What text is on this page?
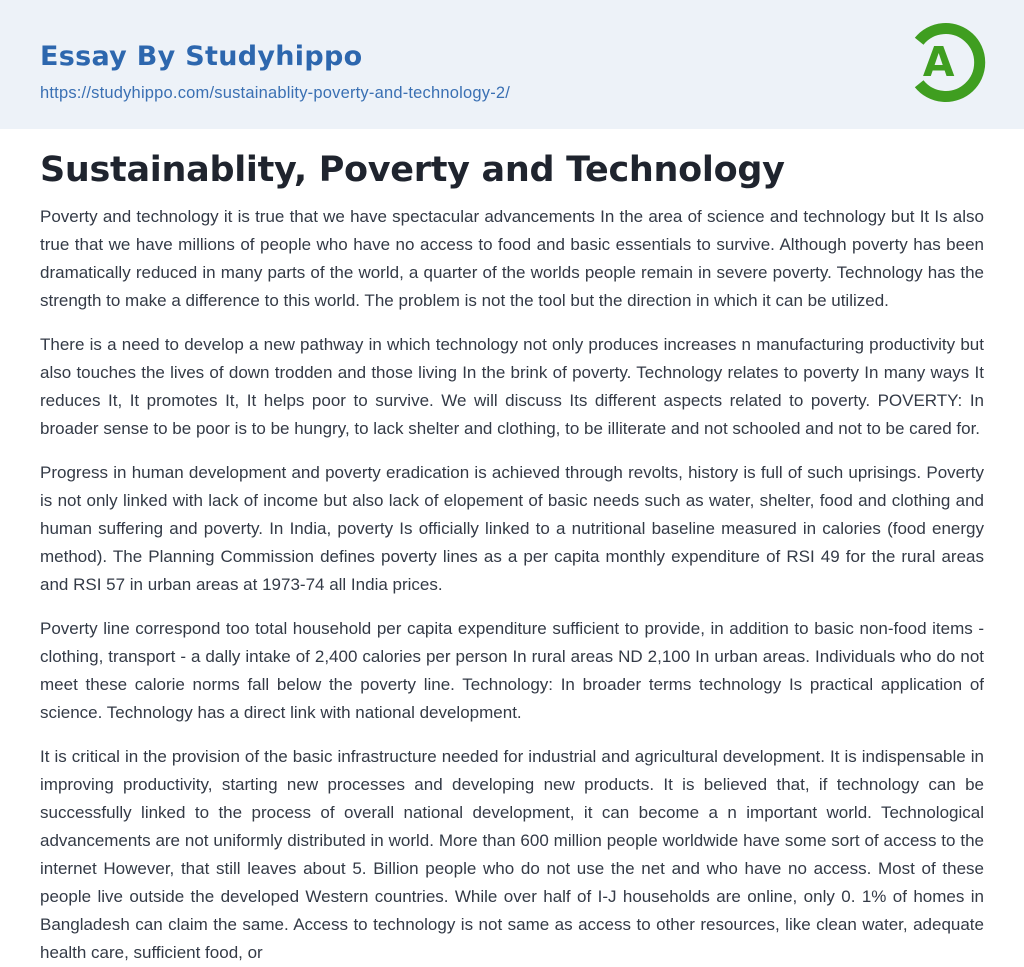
Essay By Studyhippo
https://studyhippo.com/sustainablity-poverty-and-technology-2/
A
Sustainablity, Poverty and Technology

Poverty and technology it is true that we have spectacular advancements In the area of science and technology but It Is also true that we have millions of people who have no access to food and basic essentials to survive. Although poverty has been dramatically reduced in many parts of the world, a quarter of the worlds people remain in severe poverty. Technology has the strength to make a difference to this world. The problem is not the tool but the direction in which it can be utilized.

There is a need to develop a new pathway in which technology not only produces increases n manufacturing productivity but also touches the lives of down trodden and those living In the brink of poverty. Technology relates to poverty In many ways It reduces It, It promotes It, It helps poor to survive. We will discuss Its different aspects related to poverty. POVERTY: In broader sense to be poor is to be hungry, to lack shelter and clothing, to be illiterate and not schooled and not to be cared for.

Progress in human development and poverty eradication is achieved through revolts, history is full of such uprisings. Poverty is not only linked with lack of income but also lack of elopement of basic needs such as water, shelter, food and clothing and human suffering and poverty. In India, poverty Is officially linked to a nutritional baseline measured in calories (food energy method). The Planning Commission defines poverty lines as a per capita monthly expenditure of RSI 49 for the rural areas and RSI 57 in urban areas at 1973-74 all India prices.

Poverty line correspond too total household per capita expenditure sufficient to provide, in addition to basic non-food items - clothing, transport - a dally intake of 2,400 calories per person In rural areas ND 2,100 In urban areas. Individuals who do not meet these calorie norms fall below the poverty line. Technology: In broader terms technology Is practical application of science. Technology has a direct link with national development.

It is critical in the provision of the basic infrastructure needed for industrial and agricultural development. It is indispensable in improving productivity, starting new processes and developing new products. It is believed that, if technology can be successfully linked to the process of overall national development, it can become a n important world. Technological advancements are not uniformly distributed in world. More than 600 million people worldwide have some sort of access to the internet However, that still leaves about 5. Billion people who do not use the net and who have no access. Most of these people live outside the developed Western countries. While over half of I-J households are online, only 0. 1% of homes in Bangladesh can claim the same. Access to technology is not same as access to other resources, like clean water, adequate health care, sufficient food, or
